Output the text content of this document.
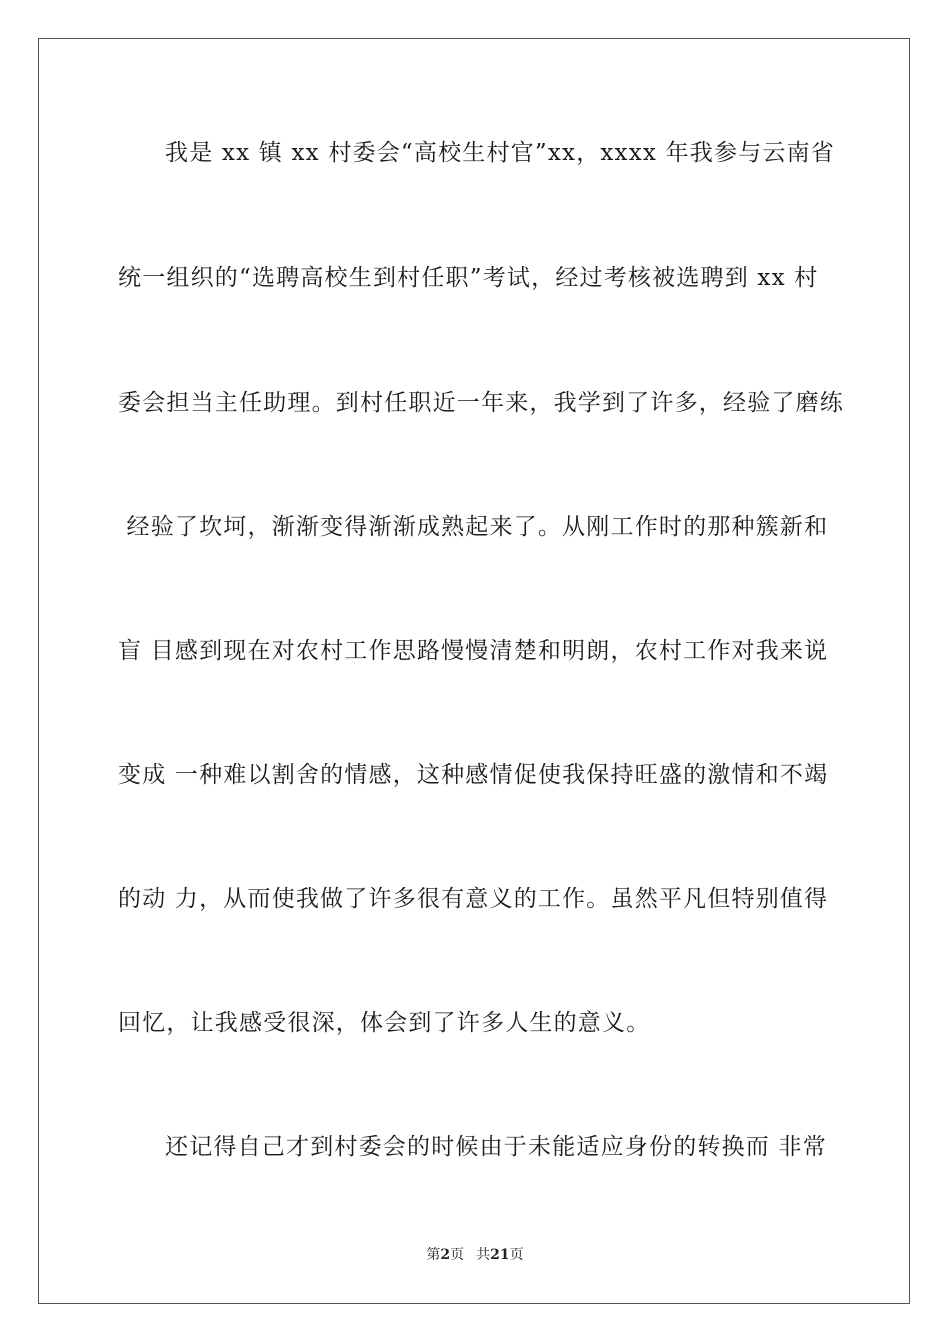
我是 xx 镇 xx 村委会“高校生村官”xx，xxxx 年我参与云南省
统一组织的“选聘高校生到村任职”考试，经过考核被选聘到 xx 村
委会担当主任助理。到村任职近一年来，我学到了许多，经验了磨练
经验了坎坷，渐渐变得渐渐成熟起来了。从刚工作时的那种簇新和
盲 目感到现在对农村工作思路慢慢清楚和明朗，农村工作对我来说
变成 一种难以割舍的情感，这种感情促使我保持旺盛的激情和不竭
的动 力，从而使我做了许多很有意义的工作。虽然平凡但特别值得
回忆，让我感受很深，体会到了许多人生的意义。
还记得自己才到村委会的时候由于未能适应身份的转换而 非常
第2页 共21页
